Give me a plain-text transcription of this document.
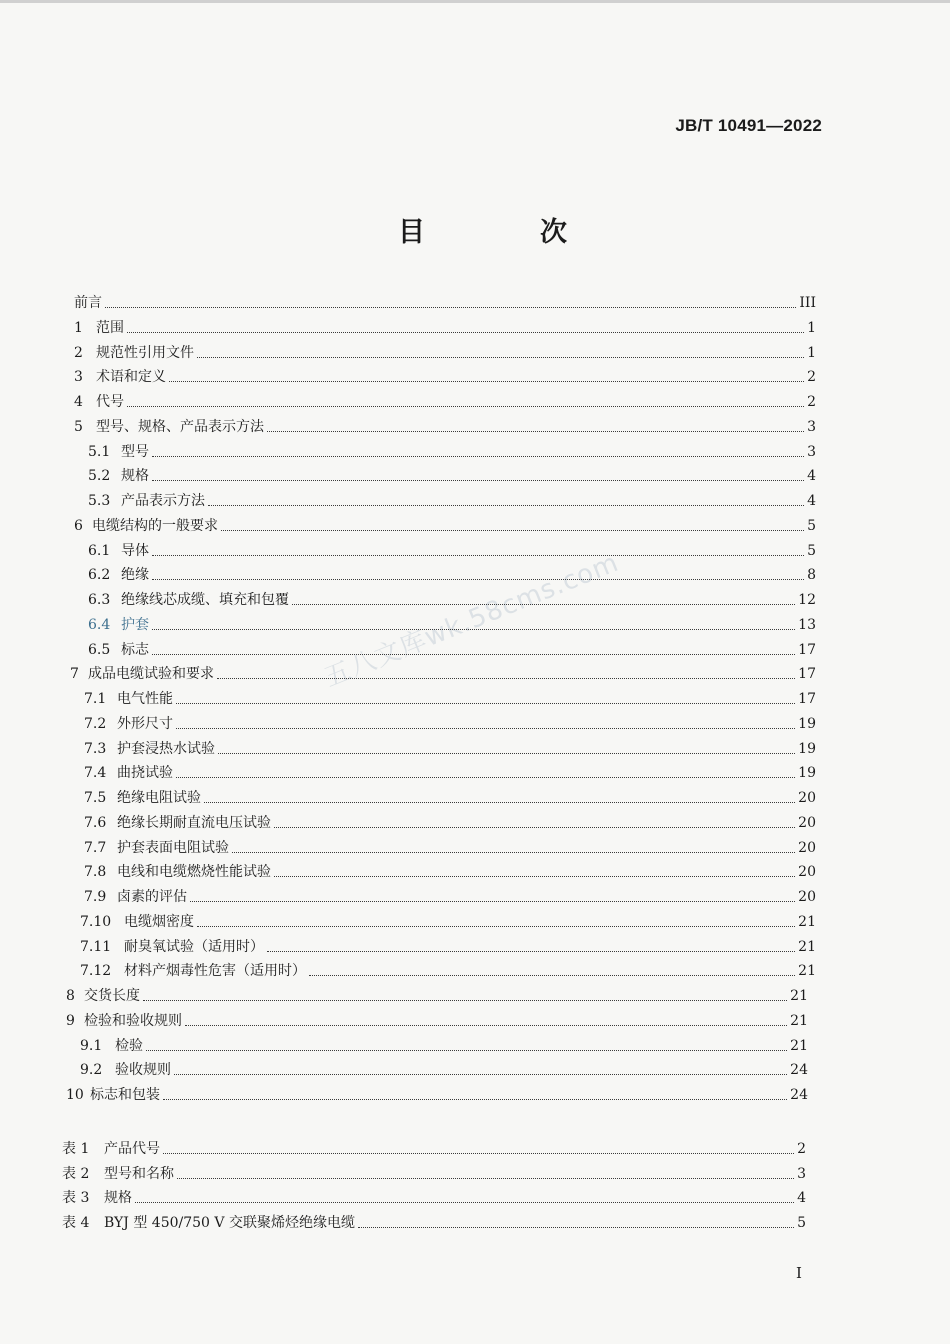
JB/T 10491—2022
目　次
五八文库wk.58cms.com
前言	III
1 范围	1
2 规范性引用文件	1
3 术语和定义	2
4 代号	2
5 型号、规格、产品表示方法	3
5.1 型号	3
5.2 规格	4
5.3 产品表示方法	4
6 电缆结构的一般要求	5
6.1 导体	5
6.2 绝缘	8
6.3 绝缘线芯成缆、填充和包覆	12
6.4 护套	13
6.5 标志	17
7 成品电缆试验和要求	17
7.1 电气性能	17
7.2 外形尺寸	19
7.3 护套浸热水试验	19
7.4 曲挠试验	19
7.5 绝缘电阻试验	20
7.6 绝缘长期耐直流电压试验	20
7.7 护套表面电阻试验	20
7.8 电线和电缆燃烧性能试验	20
7.9 卤素的评估	20
7.10 电缆烟密度	21
7.11 耐臭氧试验（适用时）	21
7.12 材料产烟毒性危害（适用时）	21
8 交货长度	21
9 检验和验收规则	21
9.1 检验	21
9.2 验收规则	24
10 标志和包装	24
表 1	产品代号	2
表 2	型号和名称	3
表 3	规格	4
表 4	BYJ 型 450/750 V 交联聚烯烃绝缘电缆	5
I
